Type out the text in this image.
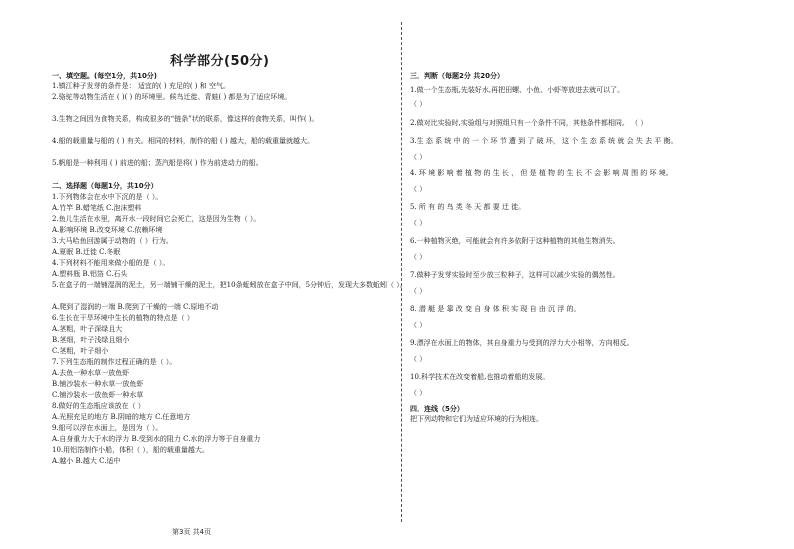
科学部分(50分)
一、填空题。(每空1分，共10分)
1.镇江种子发芽的条件是： 适宜的( ) 充足的( ) 和 空气。
2.骆驼等动物生活在 ( )( ) 的环境里。候鸟迁徙、青蛙( ) 都是为了适应环境。
3.生物之间因为食物关系，构成很多的“链条”状的联系，像这样的食物关系，叫作( )。
4.船的载重量与船的 ( ) 有关。相同的材料，制作的船 ( ) 越大，船的载重量就越大。
5.帆船是一种利用 ( ) 前进的船；蒸汽船是将( ) 作为前进动力的船。
二、选择题（每题1分，共10分）
1.下列物体会在水中下沉的是（ ）。
A.竹竿 B.蜡笔纸 C.泡沫塑料
2.鱼儿生活在水里，离开水一段时间它会死亡，这是因为生物（ ）。
A.影响环境 B.改变环境 C.依赖环境
3.大马哈鱼回游属于动物的（ ）行为。
A.夏眠 B.迁徙 C.冬眠
4.下列材料不能用来做小船的是（ ）。
A.塑料瓶 B.铝箔 C.石头
5.在盒子的一端铺湿润的泥土，另一端铺干燥的泥土，把10条蚯蚓放在盒子中间，5分钟后，发现大多数蚯蚓（ ）。
A.爬到了湿润的一端 B.爬到了干燥的一端 C.原地不动
6.生长在干旱环境中生长的植物的特点是（ ）
A.茎粗，叶子深绿且大
B.茎细，叶子浅绿且细小
C.茎粗，叶子细小
7.下列生态瓶的制作过程正确的是（ ）。
A.去鱼一种水草一放鱼虾
B.铺沙装水一种水草一放鱼虾
C.铺沙装水一放鱼虾一种水草
8.做好的生态瓶应该放在（ ）
A.光照充足的地方 B.阴暗的地方 C.任意地方
9.船可以浮在水面上，是因为（ ）。
A.自身重力大于水的浮力 B.受到水的阻力 C.水的浮力等于自身重力
10.用铝箔制作小船，体积（ ），船的载重量越大。
A.越小 B.越大 C.适中
三．判断（每题2分 共20分）
1.做一个生态瓶,先装好水,再把田螺、小鱼、小虾等放进去就可以了。
（ ）
2.做对比实验时,实验组与对照组只有一个条件不同，其他条件都相同。 （ ）
3.生 态 系 统 中 的 一 个 环 节 遭 到 了 破 坏， 这 个 生 态 系 统 就 会 失 去 平 衡。
（ ）
4. 环 境 影 响 着 植 物 的 生 长 ， 但 是 植 物 的 生 长 不 会 影 响 周 围 的 环 境。
（ ）
5. 所 有 的 鸟 类 冬 天 都 要 迁 徙。
（ ）
6.一种植物灭绝，可能就会有许多依附于这种植物的其他生物消失。
（ ）
7.做种子发芽实验时至少放三粒种子，这样可以减少实验的偶然性。
（ ）
8. 潜 艇 是 靠 改 变 自 身 体 积 实 现 自 由 沉 浮 的。
（ ）
9.漂浮在水面上的物体，其自身重力与受到的浮力大小相等，方向相反。
（ ）
10.科学技术在改变着船,也推动着船的发展。
（ ）
四．连线（5分）
把下列动物和它们为适应环境的行为相连。
第3页 共4页
